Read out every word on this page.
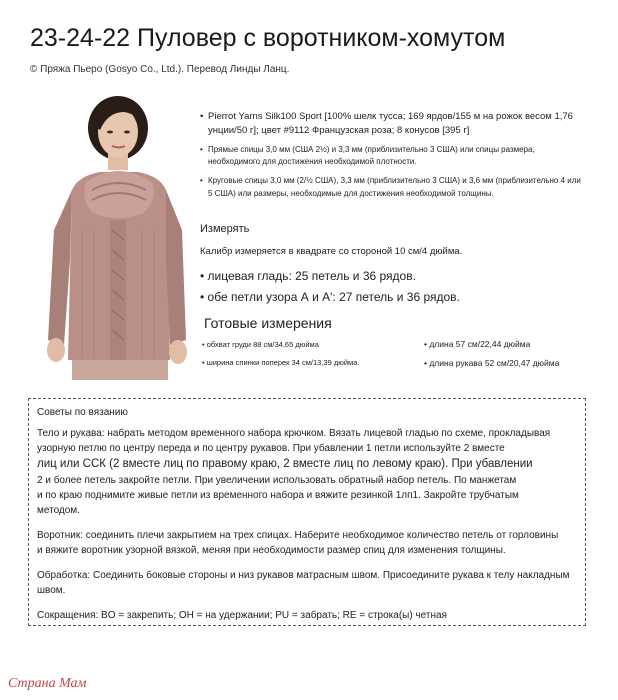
23-24-22 Пуловер с воротником-хомутом
© Пряжа Пьеро (Gosyo Co., Ltd.). Перевод Линды Ланц.
• Pierrot Yarns Silk100 Sport [100% шелк тусса; 169 ярдов/155 м на рожок весом 1,76 унции/50 г]; цвет #9112 Французская роза; 8 конусов [395 г]
• Прямые спицы 3,0 мм (США 2½) и 3,3 мм (приблизительно 3 США) или спицы размера, необходимого для достижения необходимой плотности.
• Круговые спицы 3,0 мм (2/½ США), 3,3 мм (приблизительно 3 США) и 3,6 мм (приблизительно 4 или 5 США) или размеры, необходимые для достижения необходимой толщины.
Измерять
Калибр измеряется в квадрате со стороной 10 см/4 дюйма.
• лицевая гладь: 25 петель и 36 рядов.
• обе петли узора А и А': 27 петель и 36 рядов.
Готовые измерения
• обхват груди 88 см/34,65 дюйма
• ширина спинки поперек 34 см/13,39 дюйма.
• длина 57 см/22,44 дюйма
• длина рукава 52 см/20,47 дюйма

Советы по вязанию

Тело и рукава: набрать методом временного набора крючком. Вязать лицевой гладью по схеме, прокладывая

узорную петлю по центру переда и по центру рукавов. При убавлении 1 петли используйте 2 вместе

лиц или ССК (2 вместе лиц по правому краю, 2 вместе лиц по левому краю). При убавлении

2 и более петель закройте петли. При увеличении использовать обратный набор петель. По манжетам

и по краю поднимите живые петли из временного набора и вяжите резинкой 1лп1. Закройте трубчатым

методом.

Воротник: соединить плечи закрытием на трех спицах. Наберите необходимое количество петель от горловины

и вяжите воротник узорной вязкой, меняя при необходимости размер спиц для изменения толщины.

Обработка: Соединить боковые стороны и низ рукавов матрасным швом. Присоедините рукава к телу накладным швом.

Сокращения: BO = закрепить; OH = на удержании; PU = забрать; RE = строка(ы) четная

Страна Мам
